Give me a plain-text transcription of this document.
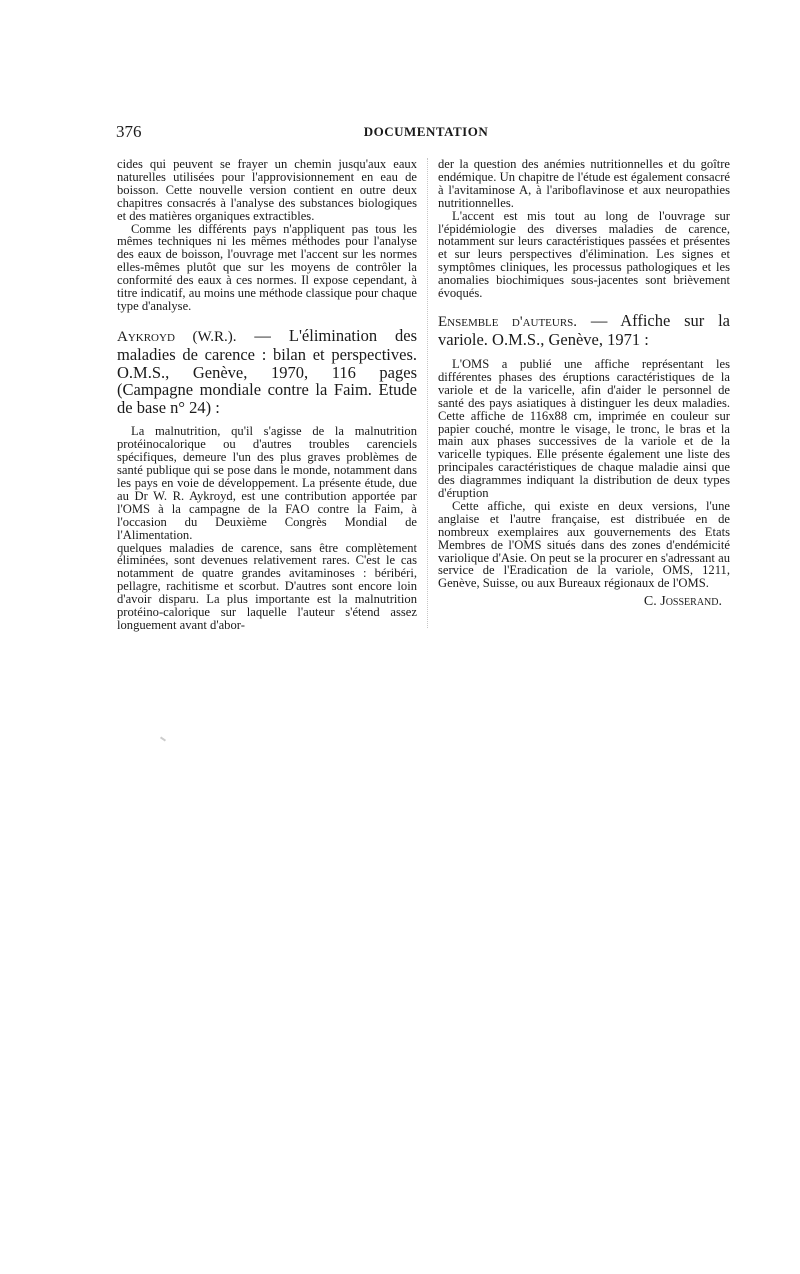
376	DOCUMENTATION

cides qui peuvent se frayer un chemin jusqu'aux eaux naturelles utilisées pour l'approvisionnement en eau de boisson. Cette nouvelle version contient en outre deux chapitres consacrés à l'analyse des substances biologiques et des matières organiques extractibles.

Comme les différents pays n'appliquent pas tous les mêmes techniques ni les mêmes méthodes pour l'analyse des eaux de boisson, l'ouvrage met l'accent sur les normes elles-mêmes plutôt que sur les moyens de contrôler la conformité des eaux à ces normes. Il expose cependant, à titre indicatif, au moins une méthode classique pour chaque type d'analyse.

Aykroyd (W.R.). — L'élimination des maladies de carence : bilan et perspectives. O.M.S., Genève, 1970, 116 pages (Campagne mondiale contre la Faim. Etude de base n° 24) :

La malnutrition, qu'il s'agisse de la malnutrition protéinocalorique ou d'autres troubles carenciels spécifiques, demeure l'un des plus graves problèmes de santé publique qui se pose dans le monde, notamment dans les pays en voie de développement. La présente étude, due au Dr W. R. Aykroyd, est une contribution apportée par l'OMS à la campagne de la FAO contre la Faim, à l'occasion du Deuxième Congrès Mondial de l'Alimentation.

quelques maladies de carence, sans être complètement éliminées, sont devenues relativement rares. C'est le cas notamment de quatre grandes avitaminoses : béribéri, pellagre, rachitisme et scorbut. D'autres sont encore loin d'avoir disparu. La plus importante est la malnutrition protéino-calorique sur laquelle l'auteur s'étend assez longuement avant d'abor-

der la question des anémies nutritionnelles et du goître endémique. Un chapitre de l'étude est également consacré à l'avitaminose A, à l'ariboflavinose et aux neuropathies nutritionnelles.

L'accent est mis tout au long de l'ouvrage sur l'épidémiologie des diverses maladies de carence, notamment sur leurs caractéristiques passées et présentes et sur leurs perspectives d'élimination. Les signes et symptômes cliniques, les processus pathologiques et les anomalies biochimiques sous-jacentes sont brièvement évoqués.

Ensemble d'auteurs. — Affiche sur la variole. O.M.S., Genève, 1971 :

L'OMS a publié une affiche représentant les différentes phases des éruptions caractéristiques de la variole et de la varicelle, afin d'aider le personnel de santé des pays asiatiques à distinguer les deux maladies. Cette affiche de 116x88 cm, imprimée en couleur sur papier couché, montre le visage, le tronc, le bras et la main aux phases successives de la variole et de la varicelle typiques. Elle présente également une liste des principales caractéristiques de chaque maladie ainsi que des diagrammes indiquant la distribution de deux types d'éruption

Cette affiche, qui existe en deux versions, l'une anglaise et l'autre française, est distribuée en de nombreux exemplaires aux gouvernements des Etats Membres de l'OMS situés dans des zones d'endémicité variolique d'Asie. On peut se la procurer en s'adressant au service de l'Eradication de la variole, OMS, 1211, Genève, Suisse, ou aux Bureaux régionaux de l'OMS.

C. Josserand.
